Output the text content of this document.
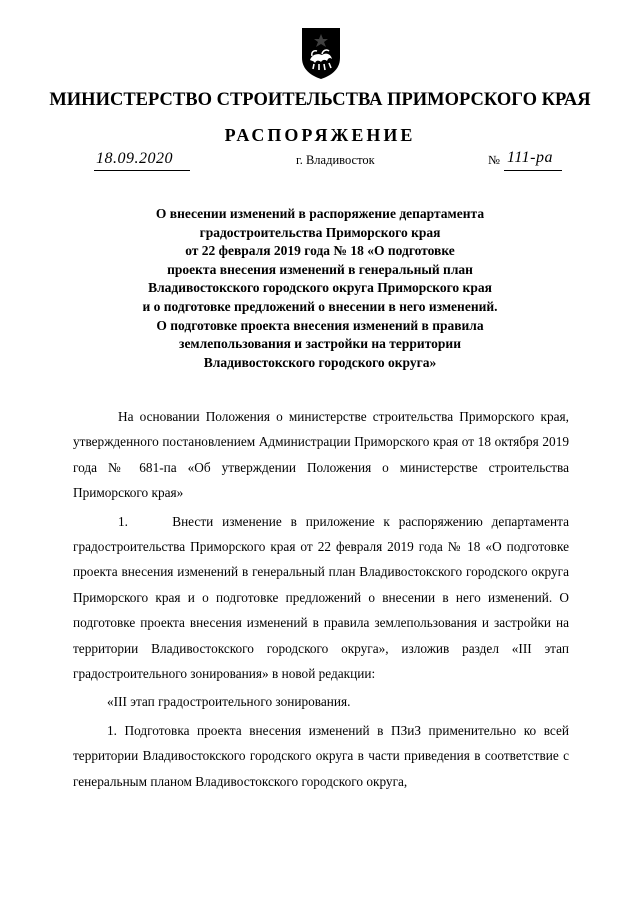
МИНИСТЕРСТВО СТРОИТЕЛЬСТВА ПРИМОРСКОГО КРАЯ
РАСПОРЯЖЕНИЕ
18.09.2020	г. Владивосток	№ 111-ра
О внесении изменений в распоряжение департамента
градостроительства Приморского края
от 22 февраля 2019 года № 18 «О подготовке
проекта внесения изменений в генеральный план
Владивостокского городского округа Приморского края
и о подготовке предложений о внесении в него изменений.
О подготовке проекта внесения изменений в правила
землепользования и застройки на территории
Владивостокского городского округа»

На основании Положения о министерстве строительства Приморского края, утвержденного постановлением Администрации Приморского края от 18 октября 2019 года № 681-па «Об утверждении Положения о министерстве строительства Приморского края»

1.     Внести изменение в приложение к распоряжению департамента градостроительства Приморского края от 22 февраля 2019 года № 18 «О подготовке проекта внесения изменений в генеральный план Владивостокского городского округа Приморского края и о подготовке предложений о внесении в него изменений. О подготовке проекта внесения изменений в правила землепользования и застройки на территории Владивостокского городского округа», изложив раздел «III этап градостроительного зонирования» в новой редакции:

«III этап градостроительного зонирования.

1. Подготовка проекта внесения изменений в ПЗиЗ применительно ко всей территории Владивостокского городского округа в части приведения в соответствие с генеральным планом Владивостокского городского округа,
